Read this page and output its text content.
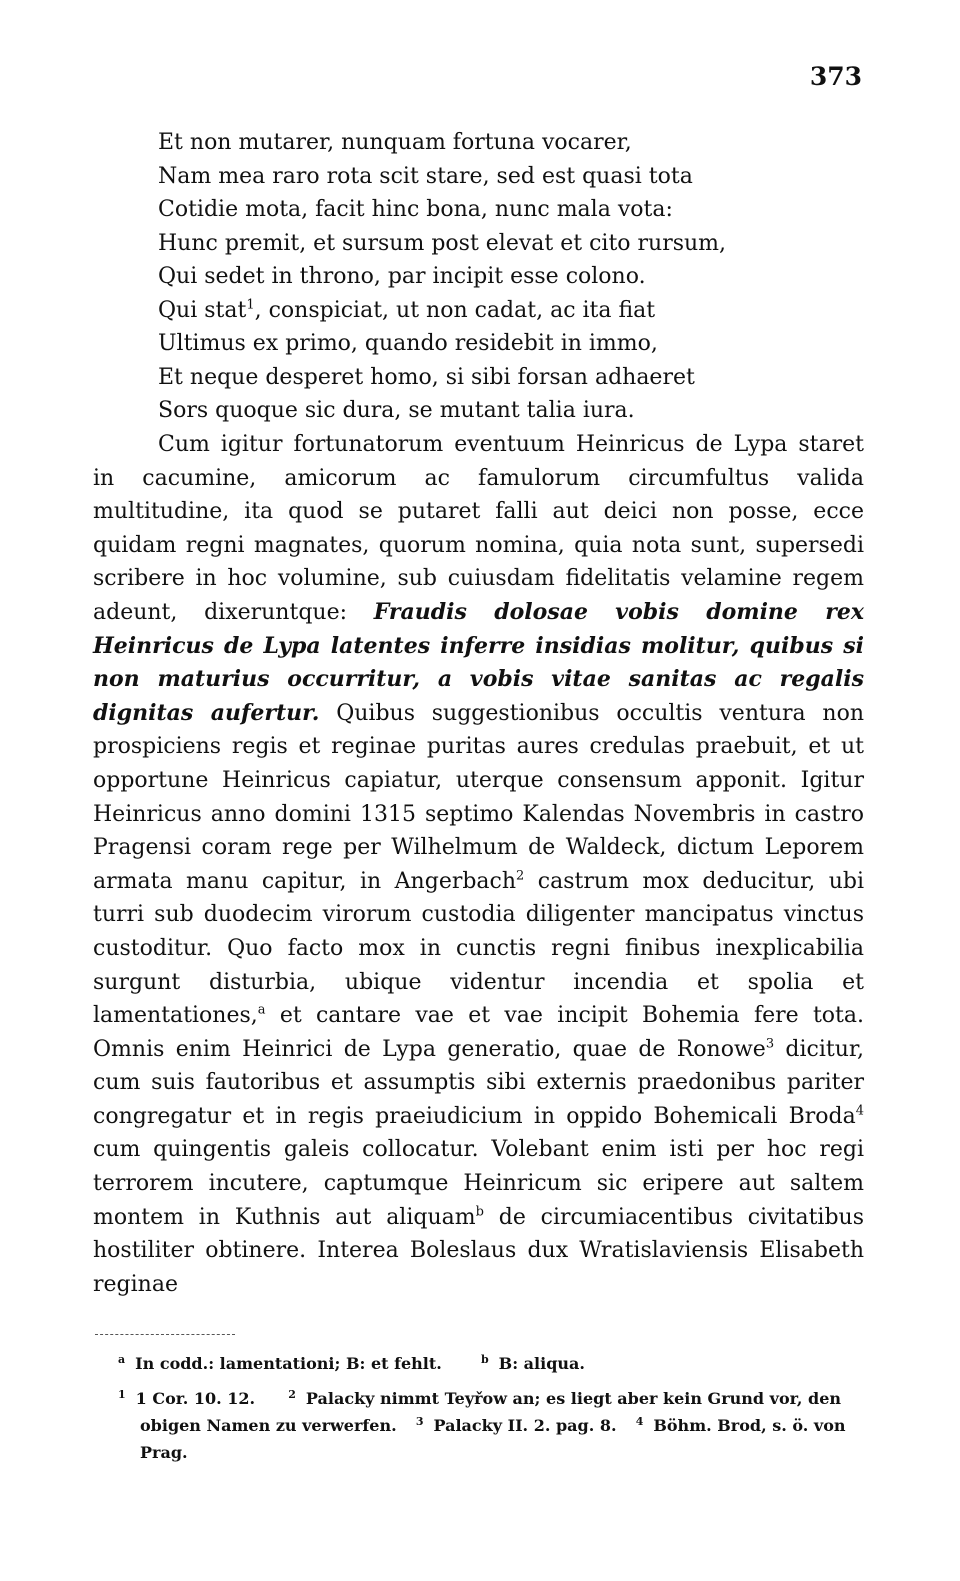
373
Et non mutarer, nunquam fortuna vocarer,
Nam mea raro rota scit stare, sed est quasi tota
Cotidie mota, facit hinc bona, nunc mala vota:
Hunc premit, et sursum post elevat et cito rursum,
Qui sedet in throno, par incipit esse colono.
Qui stat$^1$, conspiciat, ut non cadat, ac ita fiat
Ultimus ex primo, quando residebit in immo,
Et neque desperet homo, si sibi forsan adhaeret
Sors quoque sic dura, se mutant talia iura.

Cum igitur fortunatorum eventuum Heinricus de Lypa staret in cacumine, amicorum ac famulorum circumfultus valida multitudine, ita quod se putaret falli aut deici non posse, ecce quidam regni magnates, quorum nomina, quia nota sunt, supersedi scribere in hoc volumine, sub cuiusdam fidelitatis velamine regem adeunt, dixeruntque: Fraudis dolosae vobis domine rex Heinricus de Lypa latentes inferre insidias molitur, quibus si non maturius occurritur, a vobis vitae sanitas ac regalis dignitas aufertur. Quibus suggestionibus occultis ventura non prospiciens regis et reginae puritas aures credulas praebuit, et ut opportune Heinricus capiatur, uterque consensum apponit. Igitur Heinricus anno domini 1315 septimo Kalendas Novembris in castro Pragensi coram rege per Wilhelmum de Waldeck, dictum Leporem armata manu capitur, in Angerbach$^2$ castrum mox deducitur, ubi turri sub duodecim virorum custodia diligenter mancipatus vinctus custoditur. Quo facto mox in cunctis regni finibus inexplicabilia surgunt disturbia, ubique videntur incendia et spolia et lamentationes,$^a$ et cantare vae et vae incipit Bohemia fere tota. Omnis enim Heinrici de Lypa generatio, quae de Ronowe$^3$ dicitur, cum suis fautoribus et assumptis sibi externis praedonibus pariter congregatur et in regis praeiudicium in oppido Bohemicali Broda$^4$ cum quingentis galeis collocatur. Volebant enim isti per hoc regi terrorem incutere, captumque Heinricum sic eripere aut saltem montem in Kuthnis aut aliquam$^b$ de circumiacentibus civitatibus hostiliter obtinere. Interea Boleslaus dux Wratislaviensis Elisabeth reginae

$^a$ In codd.: lamentationi; B: et fehlt.	$^b$ B: aliqua.
$^1$ 1 Cor. 10. 12.	$^2$ Palacky nimmt Teyřow an; es liegt aber kein Grund vor, den obigen Namen zu verwerfen. $^3$ Palacky II. 2. pag. 8. $^4$ Böhm. Brod, s. ö. von Prag.
